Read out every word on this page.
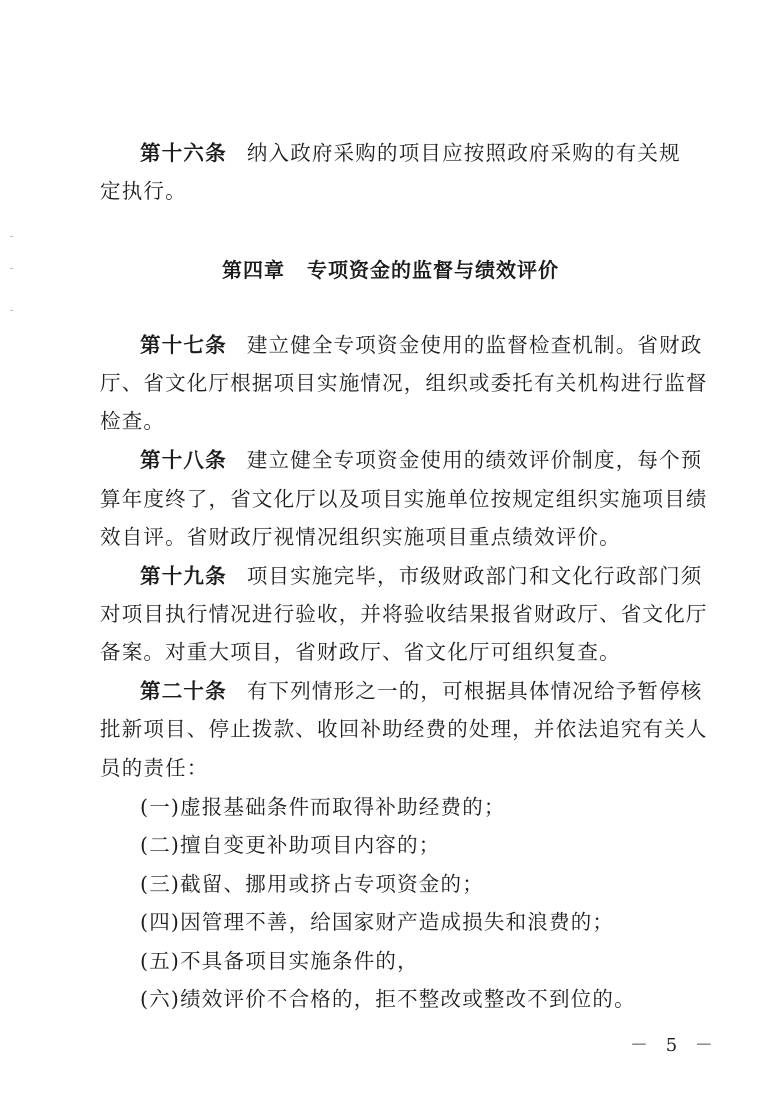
第十六条 纳入政府采购的项目应按照政府采购的有关规
定执行。
第四章 专项资金的监督与绩效评价
第十七条 建立健全专项资金使用的监督检查机制。省财政
厅、省文化厅根据项目实施情况，组织或委托有关机构进行监督
检查。
第十八条 建立健全专项资金使用的绩效评价制度，每个预
算年度终了，省文化厅以及项目实施单位按规定组织实施项目绩
效自评。省财政厅视情况组织实施项目重点绩效评价。
第十九条 项目实施完毕，市级财政部门和文化行政部门须
对项目执行情况进行验收，并将验收结果报省财政厅、省文化厅
备案。对重大项目，省财政厅、省文化厅可组织复查。
第二十条 有下列情形之一的，可根据具体情况给予暂停核
批新项目、停止拨款、收回补助经费的处理，并依法追究有关人
员的责任：
(一)虚报基础条件而取得补助经费的；
(二)擅自变更补助项目内容的；
(三)截留、挪用或挤占专项资金的；
(四)因管理不善，给国家财产造成损失和浪费的；
(五)不具备项目实施条件的，
(六)绩效评价不合格的，拒不整改或整改不到位的。
－ 5 －
